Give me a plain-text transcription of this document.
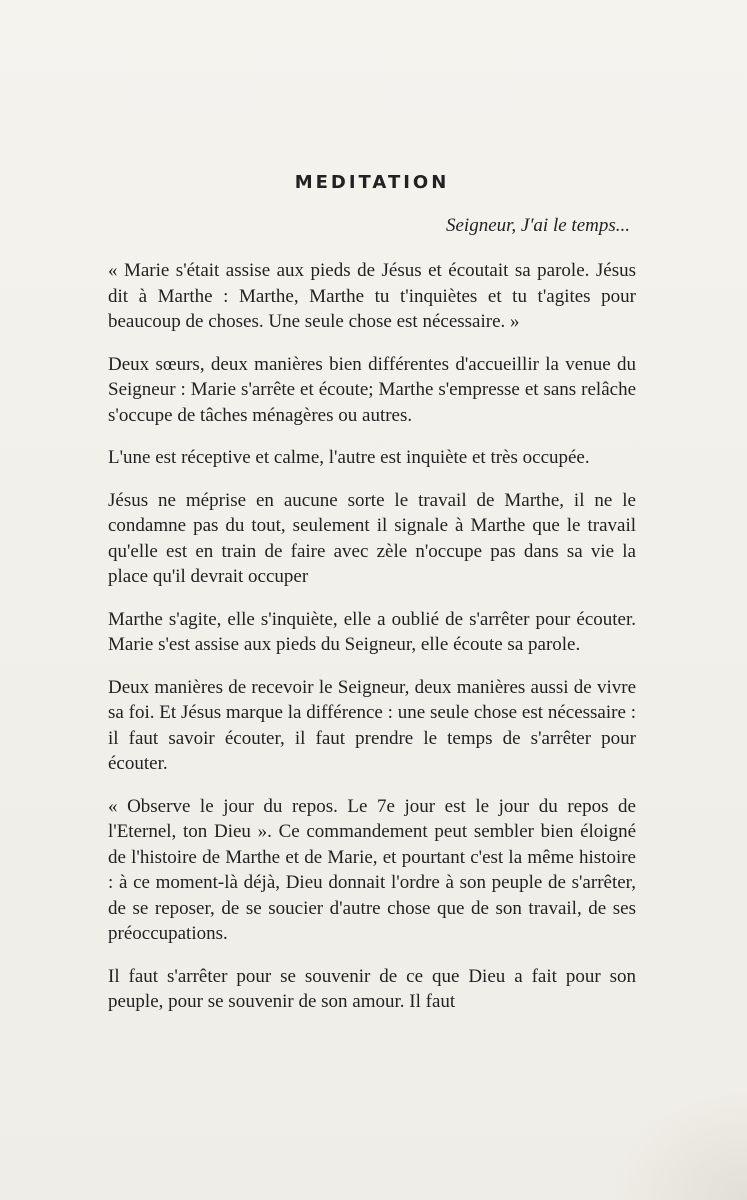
MEDITATION

Seigneur, J'ai le temps...

« Marie s'était assise aux pieds de Jésus et écoutait sa parole. Jésus dit à Marthe : Marthe, Marthe tu t'inquiètes et tu t'agites pour beaucoup de choses. Une seule chose est nécessaire. »

Deux sœurs, deux manières bien différentes d'accueillir la venue du Seigneur : Marie s'arrête et écoute; Marthe s'empresse et sans relâche s'occupe de tâches ménagères ou autres.

L'une est réceptive et calme, l'autre est inquiète et très occupée.

Jésus ne méprise en aucune sorte le travail de Marthe, il ne le condamne pas du tout, seulement il signale à Marthe que le travail qu'elle est en train de faire avec zèle n'occupe pas dans sa vie la place qu'il devrait occuper

Marthe s'agite, elle s'inquiète, elle a oublié de s'arrêter pour écouter. Marie s'est assise aux pieds du Seigneur, elle écoute sa parole.

Deux manières de recevoir le Seigneur, deux manières aussi de vivre sa foi. Et Jésus marque la différence : une seule chose est nécessaire : il faut savoir écouter, il faut prendre le temps de s'arrêter pour écouter.

« Observe le jour du repos. Le 7e jour est le jour du repos de l'Eternel, ton Dieu ». Ce commandement peut sembler bien éloigné de l'histoire de Marthe et de Marie, et pourtant c'est la même histoire : à ce moment-là déjà, Dieu donnait l'ordre à son peuple de s'arrêter, de se reposer, de se soucier d'autre chose que de son travail, de ses préoccupations.

Il faut s'arrêter pour se souvenir de ce que Dieu a fait pour son peuple, pour se souvenir de son amour. Il faut
